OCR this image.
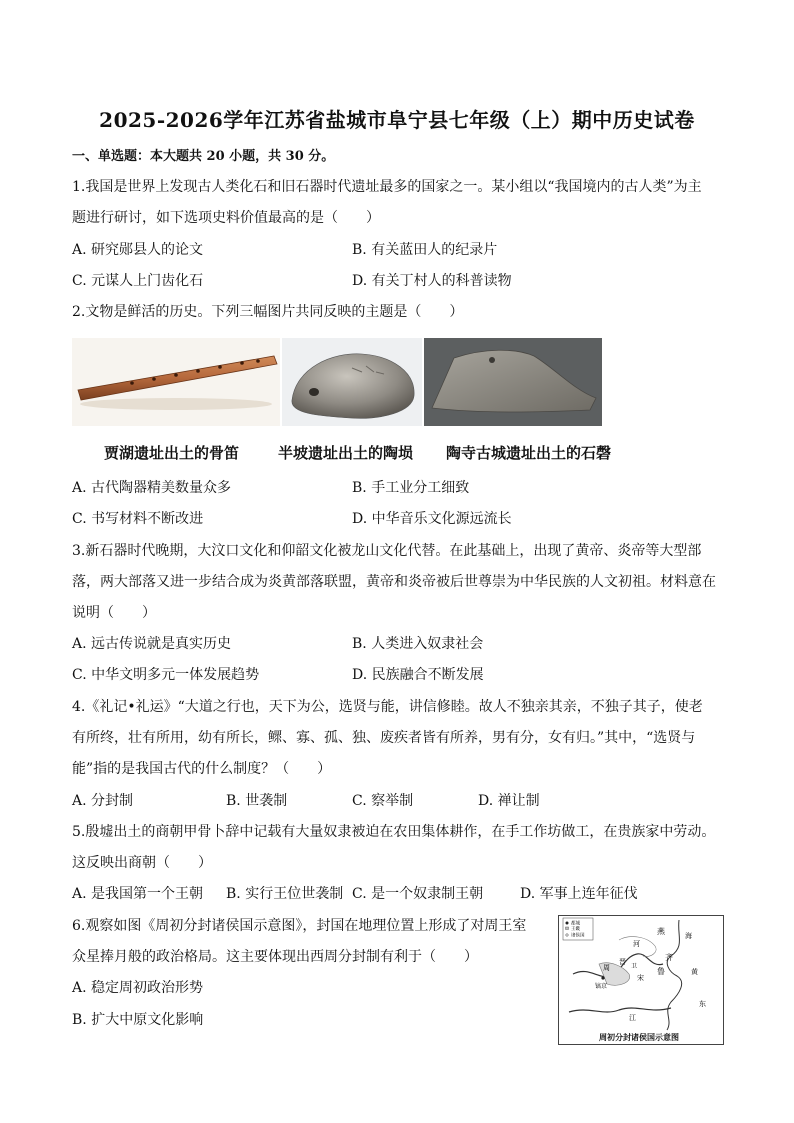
2025-2026学年江苏省盐城市阜宁县七年级（上）期中历史试卷
一、单选题：本大题共 20 小题，共 30 分。
1.我国是世界上发现古人类化石和旧石器时代遗址最多的国家之一。某小组以“我国境内的古人类”为主
题进行研讨，如下选项史料价值最高的是（　　）
A. 研究郧县人的论文	B. 有关蓝田人的纪录片
C. 元谋人上门齿化石	D. 有关丁村人的科普读物
2.文物是鲜活的历史。下列三幅图片共同反映的主题是（　　）
贾湖遗址出土的骨笛	半坡遗址出土的陶埙 陶寺古城遗址出土的石磬
A. 古代陶器精美数量众多	B. 手工业分工细致
C. 书写材料不断改进	D. 中华音乐文化源远流长
3.新石器时代晚期，大汶口文化和仰韶文化被龙山文化代替。在此基础上，出现了黄帝、炎帝等大型部
落，两大部落又进一步结合成为炎黄部落联盟，黄帝和炎帝被后世尊崇为中华民族的人文初祖。材料意在
说明（　　）
A. 远古传说就是真实历史	B. 人类进入奴隶社会
C. 中华文明多元一体发展趋势	D. 民族融合不断发展
4.《礼记•礼运》“大道之行也，天下为公，选贤与能，讲信修睦。故人不独亲其亲，不独子其子，使老
有所终，壮有所用，幼有所长，鳏、寡、孤、独、废疾者皆有所养，男有分，女有归。”其中，“选贤与
能”指的是我国古代的什么制度？（　　）
A. 分封制	B. 世袭制	C. 察举制	D. 禅让制
5.殷墟出土的商朝甲骨卜辞中记载有大量奴隶被迫在农田集体耕作，在手工作坊做工，在贵族家中劳动。
这反映出商朝（　　）
A. 是我国第一个王朝 B. 实行王位世袭制 C. 是一个奴隶制王朝	D. 军事上连年征伐
6.观察如图《周初分封诸侯国示意图》，封国在地理位置上形成了对周王室
众星捧月般的政治格局。这主要体现出西周分封制有利于（　　）
A. 稳定周初政治形势
B. 扩大中原文化影响
都城
王畿
诸侯国	燕
河
海
齐
黄
鲁
宋
晋
卫
周
镐京
江
东
周初分封诸侯国示意图
